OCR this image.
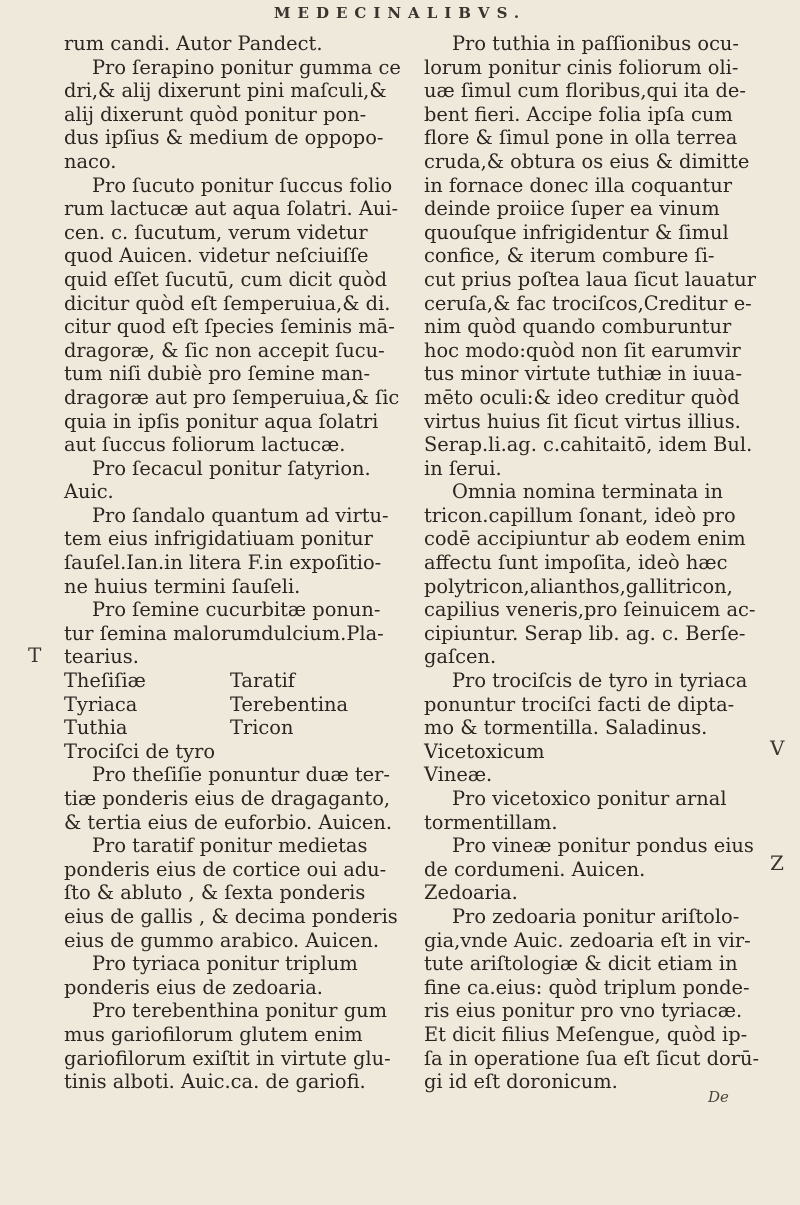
MEDECINALIBVS.
T
V
Z
rum candi. Autor Pandect.
Pro ſerapino ponitur gumma ce
dri,& alij dixerunt pini maſculi,&
alij dixerunt quòd ponitur pon-
dus ipſius & medium de oppopo-
naco.
Pro ſucuto ponitur ſuccus folio
rum lactucæ aut aqua ſolatri. Aui-
cen. c. ſucutum, verum videtur
quod Auicen. videtur neſciuiſſe
quid eſſet ſucutū, cum dicit quòd
dicitur quòd eſt ſemperuiua,& di.
citur quod eſt ſpecies ſeminis mā-
dragoræ, & ſic non accepit ſucu-
tum niſi dubiè pro ſemine man-
dragoræ aut pro ſemperuiua,& ſic
quia in ipſis ponitur aqua ſolatri
aut ſuccus foliorum lactucæ.
Pro ſecacul ponitur ſatyrion.
Auic.
Pro ſandalo quantum ad virtu-
tem eius infrigidatiuam ponitur
ſauſel.Ian.in litera F.in expoſitio-
ne huius termini ſauſeli.
Pro ſemine cucurbitæ ponun-
tur ſemina malorumdulcium.Pla-
tearius.
Theſiſiæ	Taratif
Tyriaca	Terebentina
Tuthia	Tricon
Trociſci de tyro
Pro theſiſie ponuntur duæ ter-
tiæ ponderis eius de dragaganto,
& tertia eius de euforbio. Auicen.
Pro taratif ponitur medietas
ponderis eius de cortice oui adu-
ſto & abluto , & ſexta ponderis
eius de gallis , & decima ponderis
eius de gummo arabico. Auicen.
Pro tyriaca ponitur triplum
ponderis eius de zedoaria.
Pro terebenthina ponitur gum
mus gariofilorum glutem enim
gariofilorum exiſtit in virtute glu-
tinis alboti. Auic.ca. de gariofi.
Pro tuthia in paſſionibus ocu-
lorum ponitur cinis foliorum oli-
uæ ſimul cum floribus,qui ita de-
bent fieri. Accipe folia ipſa cum
flore & ſimul pone in olla terrea
cruda,& obtura os eius & dimitte
in fornace donec illa coquantur
deinde proiice ſuper ea vinum
quouſque infrigidentur & ſimul
confice, & iterum combure ſi-
cut prius poſtea laua ſicut lauatur
ceruſa,& fac trociſcos,Creditur e-
nim quòd quando comburuntur
hoc modo:quòd non ſit earumvir
tus minor virtute tuthiæ in iuua-
mēto oculi:& ideo creditur quòd
virtus huius ſit ſicut virtus illius.
Serap.li.ag. c.cahitaitō, idem Bul.
in ſerui.
Omnia nomina terminata in
tricon.capillum ſonant, ideò pro
codē accipiuntur ab eodem enim
affectu ſunt impoſita, ideò hæc
polytricon,alianthos,gallitricon,
capilius veneris,pro ſeinuicem ac-
cipiuntur. Serap lib. ag. c. Berſe-
gaſcen.
Pro trociſcis de tyro in tyriaca
ponuntur trociſci facti de dipta-
mo & tormentilla. Saladinus.
Vicetoxicum
Vineæ.
Pro vicetoxico ponitur arnal
tormentillam.
Pro vineæ ponitur pondus eius
de cordumeni. Auicen.
Zedoaria.
Pro zedoaria ponitur ariſtolo-
gia,vnde Auic. zedoaria eſt in vir-
tute ariſtologiæ & dicit etiam in
fine ca.eius: quòd triplum ponde-
ris eius ponitur pro vno tyriacæ.
Et dicit filius Meſengue, quòd ip-
ſa in operatione ſua eſt ſicut dorū-
gi id eſt doronicum.
De
